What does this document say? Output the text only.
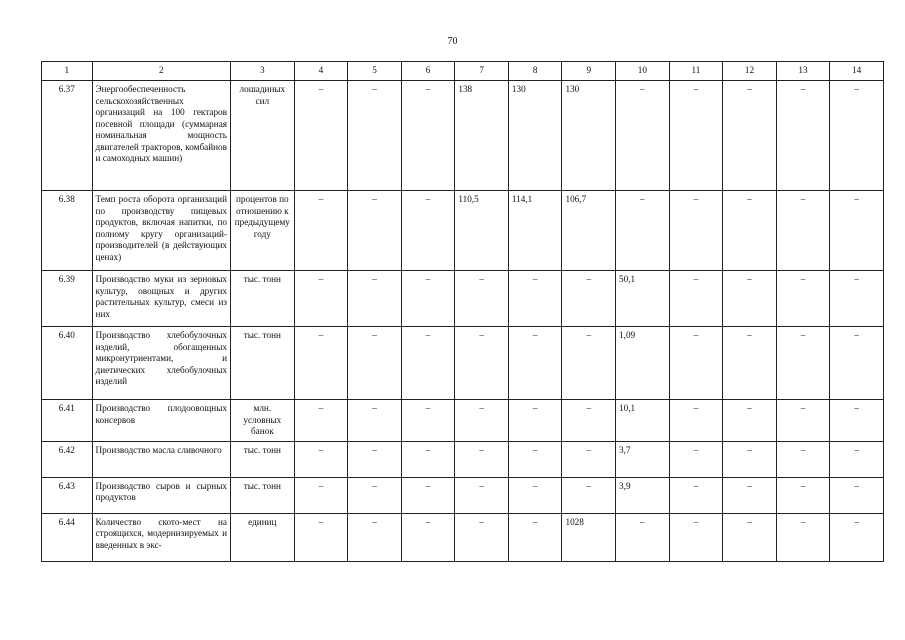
70
1	2	3	4	5	6	7	8	9	10	11	12	13	14
6.37	Энергообеспеченность сельскохозяйственных организаций на 100 гектаров посевной площади (суммарная номинальная мощность двигателей тракторов, комбайнов и самоходных машин)	лошадиных сил	–	–	–	138	130	130	–	–	–	–	–
6.38	Темп роста оборота организаций по производству пищевых продуктов, включая напитки, по полному кругу организаций-производителей (в действующих ценах)	процентов по отношению к предыдущему году	–	–	–	110,5	114,1	106,7	–	–	–	–	–
6.39	Производство муки из зерновых культур, овощных и других растительных культур, смеси из них	тыс. тонн	–	–	–	–	–	–	50,1	–	–	–	–
6.40	Производство хлебобулочных изделий, обогащенных микронутриентами, и диетических хлебобулочных изделий	тыс. тонн	–	–	–	–	–	–	1,09	–	–	–	–
6.41	Производство плодоовощных консервов	млн. условных банок	–	–	–	–	–	–	10,1	–	–	–	–
6.42	Производство масла сливочного	тыс. тонн	–	–	–	–	–	–	3,7	–	–	–	–
6.43	Производство сыров и сырных продуктов	тыс. тонн	–	–	–	–	–	–	3,9	–	–	–	–
6.44	Количество ското-мест на строящихся, модернизируемых и введенных в экс-	единиц	–	–	–	–	–	1028	–	–	–	–	–
